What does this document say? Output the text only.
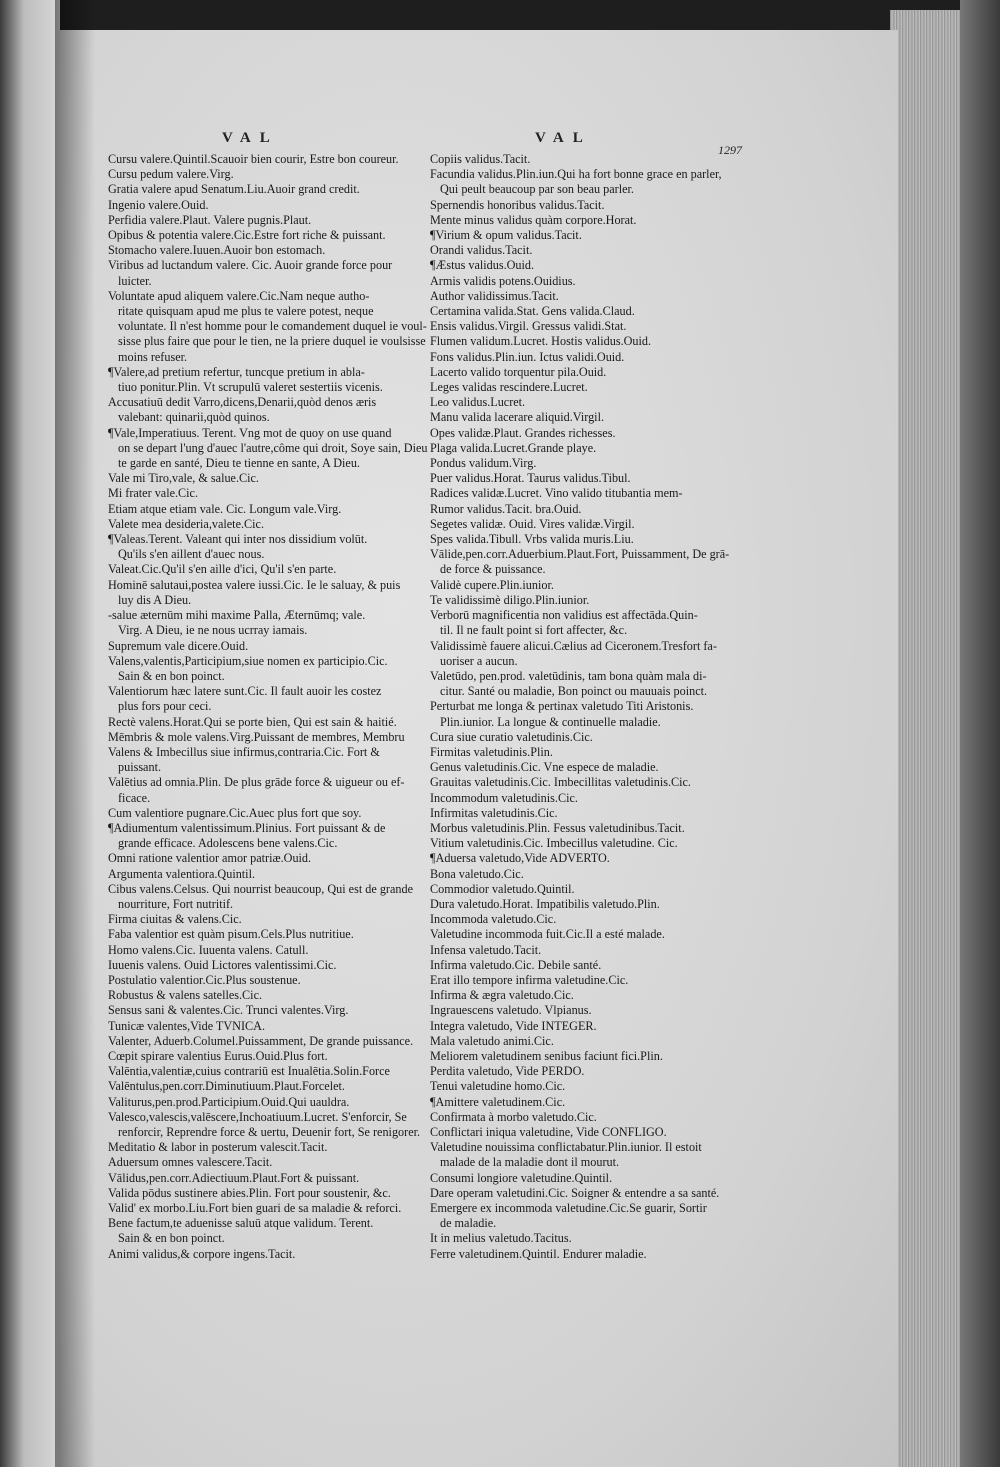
VAL	VAL
1297
Cursu valere.Quintil.Scauoir bien courir, Estre bon coureur.
Cursu pedum valere.Virg.
Gratia valere apud Senatum.Liu.Auoir grand credit.
Ingenio valere.Ouid.
Perfidia valere.Plaut. Valere pugnis.Plaut.
Opibus & potentia valere.Cic.Estre fort riche & puissant.
Stomacho valere.Iuuen.Auoir bon estomach.
Viribus ad luctandum valere. Cic. Auoir grande force pour
luicter.
Voluntate apud aliquem valere.Cic.Nam neque autho-
ritate quisquam apud me plus te valere potest, neque
voluntate. Il n'est homme pour le comandement duquel ie voul-
sisse plus faire que pour le tien, ne la priere duquel ie voulsisse
moins refuser.
¶Valere,ad pretium refertur, tuncque pretium in abla-
tiuo ponitur.Plin. Vt scrupulū valeret sestertiis vicenis.
Accusatiuū dedit Varro,dicens,Denarii,quòd denos æris
valebant: quinarii,quòd quinos.
¶Vale,Imperatiuus. Terent. Vng mot de quoy on use quand
on se depart l'ung d'auec l'autre,côme qui droit, Soye sain, Dieu
te garde en santé, Dieu te tienne en sante, A Dieu.
Vale mi Tiro,vale, & salue.Cic.
Mi frater vale.Cic.
Etiam atque etiam vale. Cic. Longum vale.Virg.
Valete mea desideria,valete.Cic.
¶Valeas.Terent. Valeant qui inter nos dissidium volūt.
Qu'ils s'en aillent d'auec nous.
Valeat.Cic.Qu'il s'en aille d'ici, Qu'il s'en parte.
Hominē salutaui,postea valere iussi.Cic. Ie le saluay, & puis
luy dis A Dieu.
-salue æternūm mihi maxime Palla, Æternūmq; vale.
Virg. A Dieu, ie ne nous ucrray iamais.
Supremum vale dicere.Ouid.
Valens,valentis,Participium,siue nomen ex participio.Cic.
Sain & en bon poinct.
Valentiorum hæc latere sunt.Cic. Il fault auoir les costez
plus fors pour ceci.
Rectè valens.Horat.Qui se porte bien, Qui est sain & haitié.
Mēmbris & mole valens.Virg.Puissant de membres, Membru
Valens & Imbecillus siue infirmus,contraria.Cic. Fort &
puissant.
Valētius ad omnia.Plin. De plus grāde force & uigueur ou ef-
ficace.
Cum valentiore pugnare.Cic.Auec plus fort que soy.
¶Adiumentum valentissimum.Plinius. Fort puissant & de
grande efficace. Adolescens bene valens.Cic.
Omni ratione valentior amor patriæ.Ouid.
Argumenta valentiora.Quintil.
Cibus valens.Celsus. Qui nourrist beaucoup, Qui est de grande
nourriture, Fort nutritif.
Firma ciuitas & valens.Cic.
Faba valentior est quàm pisum.Cels.Plus nutritiue.
Homo valens.Cic. Iuuenta valens. Catull.
Iuuenis valens. Ouid Lictores valentissimi.Cic.
Postulatio valentior.Cic.Plus soustenue.
Robustus & valens satelles.Cic.
Sensus sani & valentes.Cic. Trunci valentes.Virg.
Tunicæ valentes,Vide TVNICA.
Valenter, Aduerb.Columel.Puissamment, De grande puissance.
Cœpit spirare valentius Eurus.Ouid.Plus fort.
Valēntia,valentiæ,cuius contrariū est Inualētia.Solin.Force
Valēntulus,pen.corr.Diminutiuum.Plaut.Forcelet.
Valiturus,pen.prod.Participium.Ouid.Qui uauldra.
Valesco,valescis,valēscere,Inchoatiuum.Lucret. S'enforcir, Se
renforcir, Reprendre force & uertu, Deuenir fort, Se renigorer.
Meditatio & labor in posterum valescit.Tacit.
Aduersum omnes valescere.Tacit.
Vālidus,pen.corr.Adiectiuum.Plaut.Fort & puissant.
Valida pōdus sustinere abies.Plin. Fort pour soustenir, &c.
Valid' ex morbo.Liu.Fort bien guari de sa maladie & reforci.
Bene factum,te aduenisse saluū atque validum. Terent.
Sain & en bon poinct.
Animi validus,& corpore ingens.Tacit.
Copiis validus.Tacit.
Facundia validus.Plin.iun.Qui ha fort bonne grace en parler,
Qui peult beaucoup par son beau parler.
Spernendis honoribus validus.Tacit.
Mente minus validus quàm corpore.Horat.
¶Virium & opum validus.Tacit.
Orandi validus.Tacit.
¶Æstus validus.Ouid.
Armis validis potens.Ouidius.
Author validissimus.Tacit.
Certamina valida.Stat. Gens valida.Claud.
Ensis validus.Virgil. Gressus validi.Stat.
Flumen validum.Lucret. Hostis validus.Ouid.
Fons validus.Plin.iun. Ictus validi.Ouid.
Lacerto valido torquentur pila.Ouid.
Leges validas rescindere.Lucret.
Leo validus.Lucret.
Manu valida lacerare aliquid.Virgil.
Opes validæ.Plaut. Grandes richesses.
Plaga valida.Lucret.Grande playe.
Pondus validum.Virg.
Puer validus.Horat. Taurus validus.Tibul.
Radices validæ.Lucret. Vino valido titubantia mem-
Rumor validus.Tacit. bra.Ouid.
Segetes validæ. Ouid. Vires validæ.Virgil.
Spes valida.Tibull. Vrbs valida muris.Liu.
Vālide,pen.corr.Aduerbium.Plaut.Fort, Puissamment, De grā-
de force & puissance.
Validè cupere.Plin.iunior.
Te validissimè diligo.Plin.iunior.
Verborū magnificentia non validius est affectāda.Quin-
til. Il ne fault point si fort affecter, &c.
Validissimè fauere alicui.Cælius ad Ciceronem.Tresfort fa-
uoriser a aucun.
Valetūdo, pen.prod. valetūdinis, tam bona quàm mala di-
citur. Santé ou maladie, Bon poinct ou mauuais poinct.
Perturbat me longa & pertinax valetudo Titi Aristonis.
Plin.iunior. La longue & continuelle maladie.
Cura siue curatio valetudinis.Cic.
Firmitas valetudinis.Plin.
Genus valetudinis.Cic. Vne espece de maladie.
Grauitas valetudinis.Cic. Imbecillitas valetudinis.Cic.
Incommodum valetudinis.Cic.
Infirmitas valetudinis.Cic.
Morbus valetudinis.Plin. Fessus valetudinibus.Tacit.
Vitium valetudinis.Cic. Imbecillus valetudine. Cic.
¶Aduersa valetudo,Vide ADVERTO.
Bona valetudo.Cic.
Commodior valetudo.Quintil.
Dura valetudo.Horat. Impatibilis valetudo.Plin.
Incommoda valetudo.Cic.
Valetudine incommoda fuit.Cic.Il a esté malade.
Infensa valetudo.Tacit.
Infirma valetudo.Cic. Debile santé.
Erat illo tempore infirma valetudine.Cic.
Infirma & ægra valetudo.Cic.
Ingrauescens valetudo. Vlpianus.
Integra valetudo, Vide INTEGER.
Mala valetudo animi.Cic.
Meliorem valetudinem senibus faciunt fici.Plin.
Perdita valetudo, Vide PERDO.
Tenui valetudine homo.Cic.
¶Amittere valetudinem.Cic.
Confirmata à morbo valetudo.Cic.
Conflictari iniqua valetudine, Vide CONFLIGO.
Valetudine nouissima conflictabatur.Plin.iunior. Il estoit
malade de la maladie dont il mourut.
Consumi longiore valetudine.Quintil.
Dare operam valetudini.Cic. Soigner & entendre a sa santé.
Emergere ex incommoda valetudine.Cic.Se guarir, Sortir
de maladie.
It in melius valetudo.Tacitus.
Ferre valetudinem.Quintil. Endurer maladie.
